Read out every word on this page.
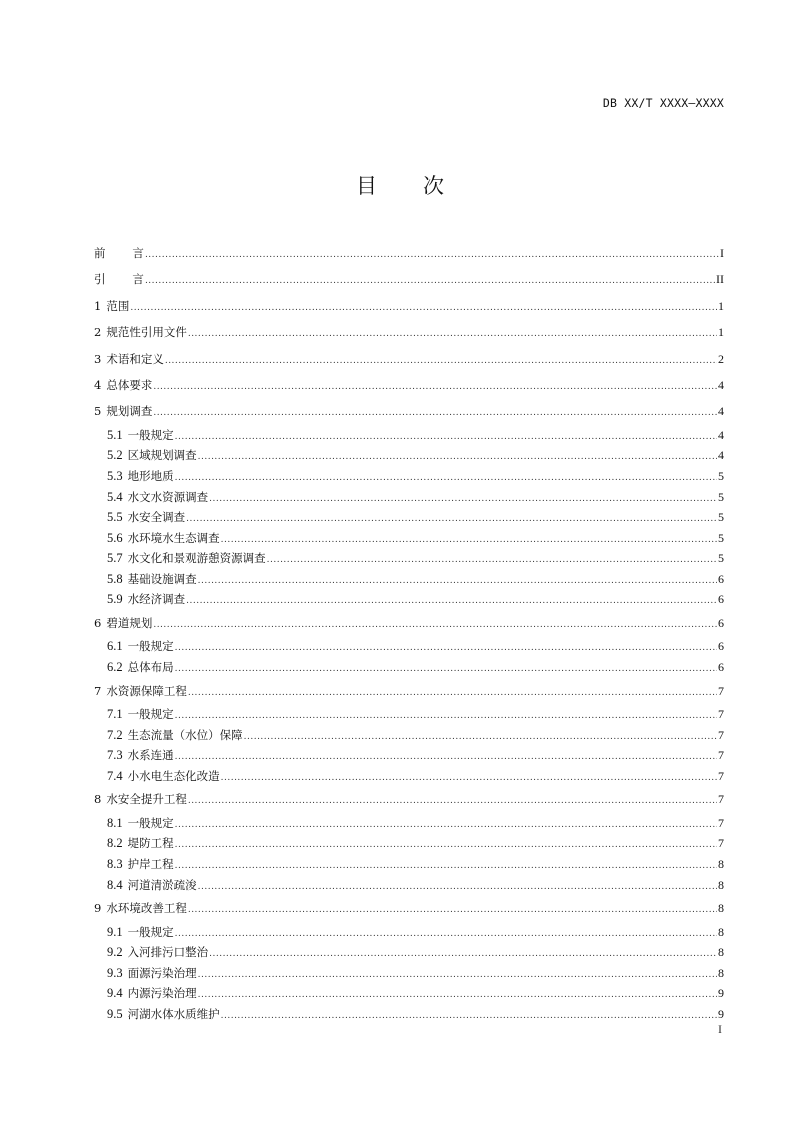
DB XX/T XXXX—XXXX
目 次
前 言 .....	I
引 言 .....	II
1 范围 .....	1
2 规范性引用文件 .....	1
3 术语和定义 .....	2
4 总体要求 .....	4
5 规划调查 .....	4
5.1 一般规定 .....	4
5.2 区域规划调查 .....	4
5.3 地形地质 .....	5
5.4 水文水资源调查 .....	5
5.5 水安全调查 .....	5
5.6 水环境水生态调查 .....	5
5.7 水文化和景观游憩资源调查 .....	5
5.8 基础设施调查 .....	6
5.9 水经济调查 .....	6
6 碧道规划 .....	6
6.1 一般规定 .....	6
6.2 总体布局 .....	6
7 水资源保障工程 .....	7
7.1 一般规定 .....	7
7.2 生态流量（水位）保障 .....	7
7.3 水系连通 .....	7
7.4 小水电生态化改造 .....	7
8 水安全提升工程 .....	7
8.1 一般规定 .....	7
8.2 堤防工程 .....	7
8.3 护岸工程 .....	8
8.4 河道清淤疏浚 .....	8
9 水环境改善工程 .....	8
9.1 一般规定 .....	8
9.2 入河排污口整治 .....	8
9.3 面源污染治理 .....	8
9.4 内源污染治理 .....	9
9.5 河湖水体水质维护 .....	9
I
